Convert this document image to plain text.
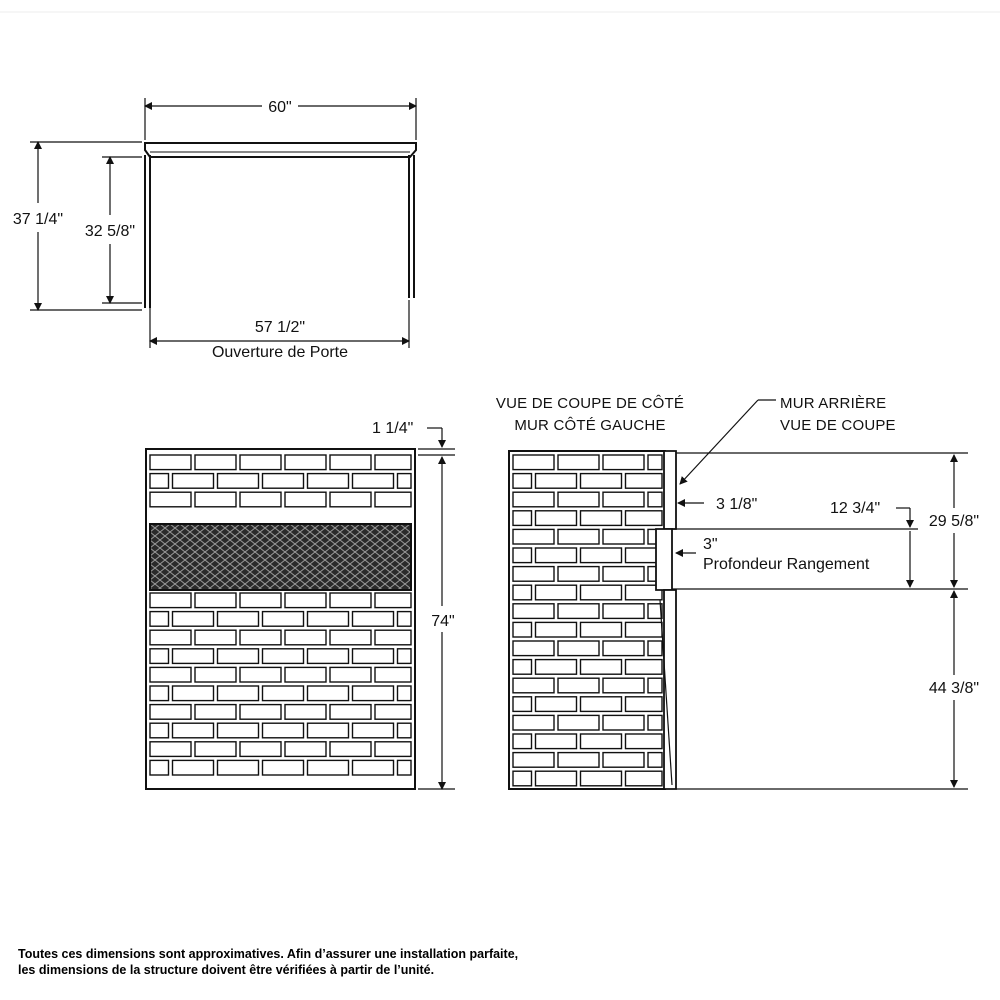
60"
37 1/4"
32 5/8"
57 1/2"
Ouverture de Porte
1 1/4"
74"
VUE DE COUPE DE CÔTÉ
MUR CÔTÉ GAUCHE
MUR ARRIÈRE
VUE DE COUPE
3 1/8"	12 3/4"
29 5/8"
3"
Profondeur Rangement
44 3/8"
Toutes ces dimensions sont approximatives. Afin d’assurer une installation parfaite,
les dimensions de la structure doivent être vérifiées à partir de l’unité.
